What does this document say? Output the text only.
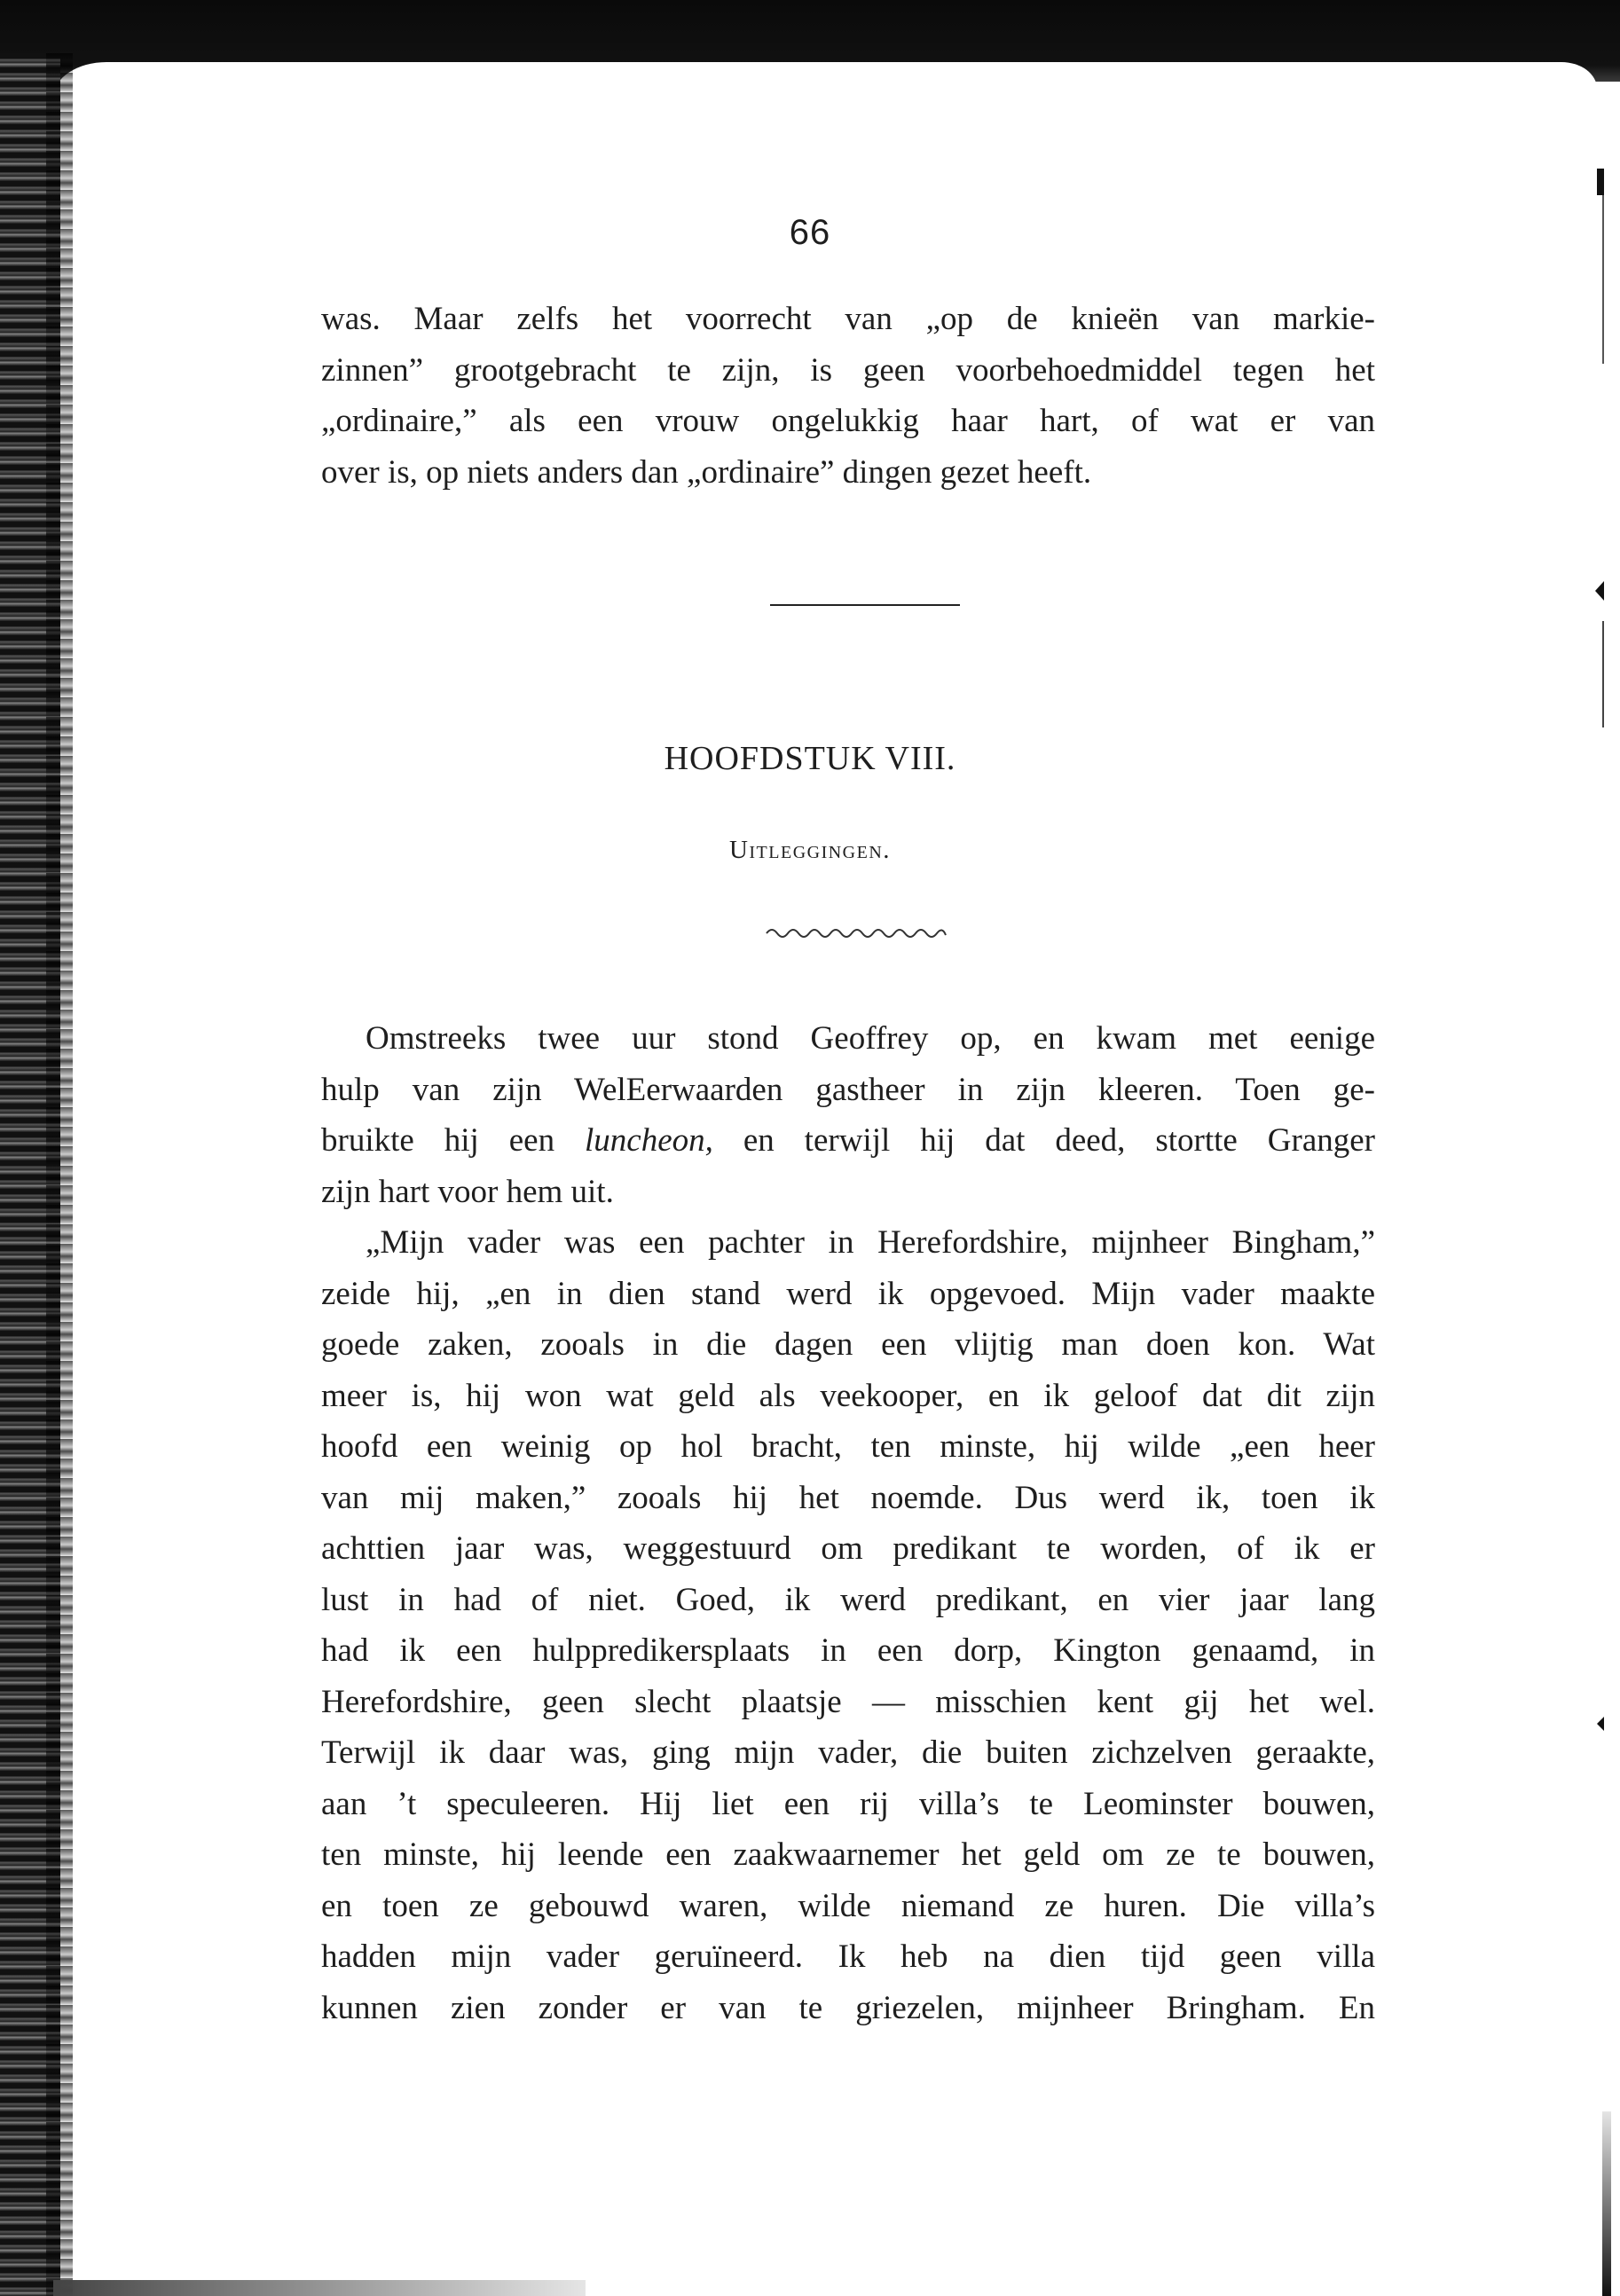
66
was. Maar zelfs het voorrecht van „op de knieën van markie-
zinnen” grootgebracht te zijn, is geen voorbehoedmiddel tegen het
„ordinaire,” als een vrouw ongelukkig haar hart, of wat er van
over is, op niets anders dan „ordinaire” dingen gezet heeft.
HOOFDSTUK VIII.
Uitleggingen.
Omstreeks twee uur stond Geoffrey op, en kwam met eenige
hulp van zijn WelEerwaarden gastheer in zijn kleeren. Toen ge-
bruikte hij een luncheon, en terwijl hij dat deed, stortte Granger
zijn hart voor hem uit.
„Mijn vader was een pachter in Herefordshire, mijnheer Bingham,”
zeide hij, „en in dien stand werd ik opgevoed. Mijn vader maakte
goede zaken, zooals in die dagen een vlijtig man doen kon. Wat
meer is, hij won wat geld als veekooper, en ik geloof dat dit zijn
hoofd een weinig op hol bracht, ten minste, hij wilde „een heer
van mij maken,” zooals hij het noemde. Dus werd ik, toen ik
achttien jaar was, weggestuurd om predikant te worden, of ik er
lust in had of niet. Goed, ik werd predikant, en vier jaar lang
had ik een hulppredikersplaats in een dorp, Kington genaamd, in
Herefordshire, geen slecht plaatsje — misschien kent gij het wel.
Terwijl ik daar was, ging mijn vader, die buiten zichzelven geraakte,
aan ’t speculeeren. Hij liet een rij villa’s te Leominster bouwen,
ten minste, hij leende een zaakwaarnemer het geld om ze te bouwen,
en toen ze gebouwd waren, wilde niemand ze huren. Die villa’s
hadden mijn vader geruïneerd. Ik heb na dien tijd geen villa
kunnen zien zonder er van te griezelen, mijnheer Bringham. En
